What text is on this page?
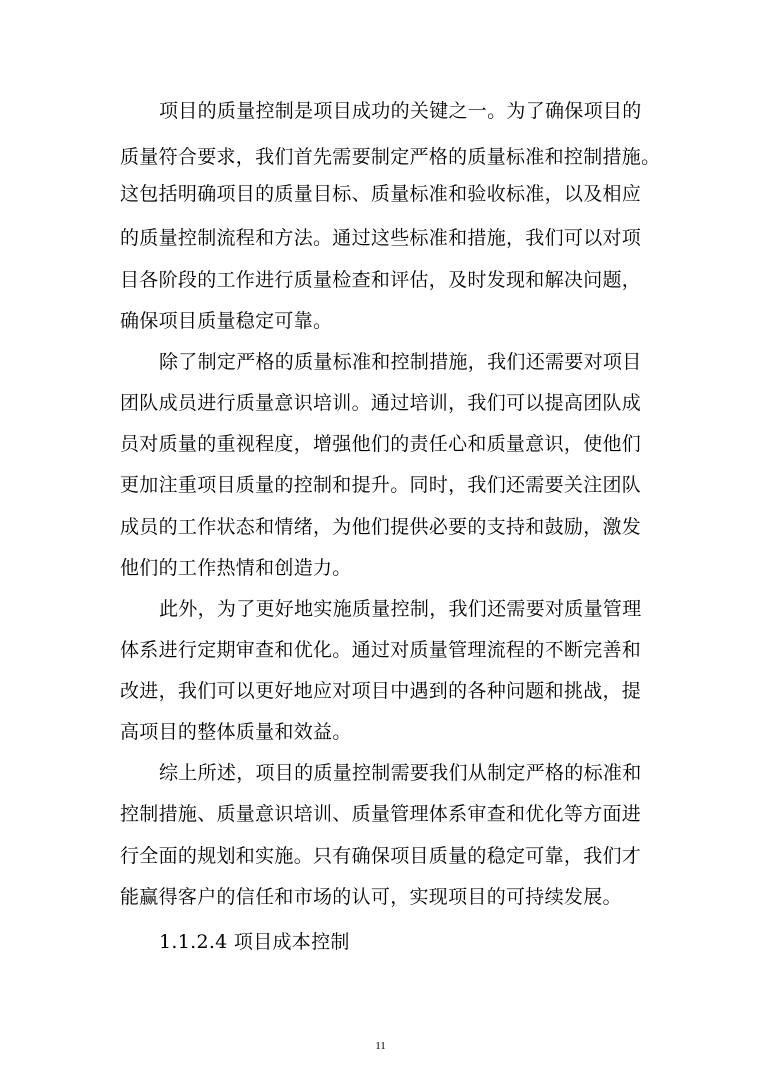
项目的质量控制是项目成功的关键之一。为了确保项目的
质量符合要求，我们首先需要制定严格的质量标准和控制措施。
这包括明确项目的质量目标、质量标准和验收标准，以及相应
的质量控制流程和方法。通过这些标准和措施，我们可以对项
目各阶段的工作进行质量检查和评估，及时发现和解决问题，
确保项目质量稳定可靠。
除了制定严格的质量标准和控制措施，我们还需要对项目
团队成员进行质量意识培训。通过培训，我们可以提高团队成
员对质量的重视程度，增强他们的责任心和质量意识，使他们
更加注重项目质量的控制和提升。同时，我们还需要关注团队
成员的工作状态和情绪，为他们提供必要的支持和鼓励，激发
他们的工作热情和创造力。
此外，为了更好地实施质量控制，我们还需要对质量管理
体系进行定期审查和优化。通过对质量管理流程的不断完善和
改进，我们可以更好地应对项目中遇到的各种问题和挑战，提
高项目的整体质量和效益。
综上所述，项目的质量控制需要我们从制定严格的标准和
控制措施、质量意识培训、质量管理体系审查和优化等方面进
行全面的规划和实施。只有确保项目质量的稳定可靠，我们才
能赢得客户的信任和市场的认可，实现项目的可持续发展。
1.1.2.4 项目成本控制
11
